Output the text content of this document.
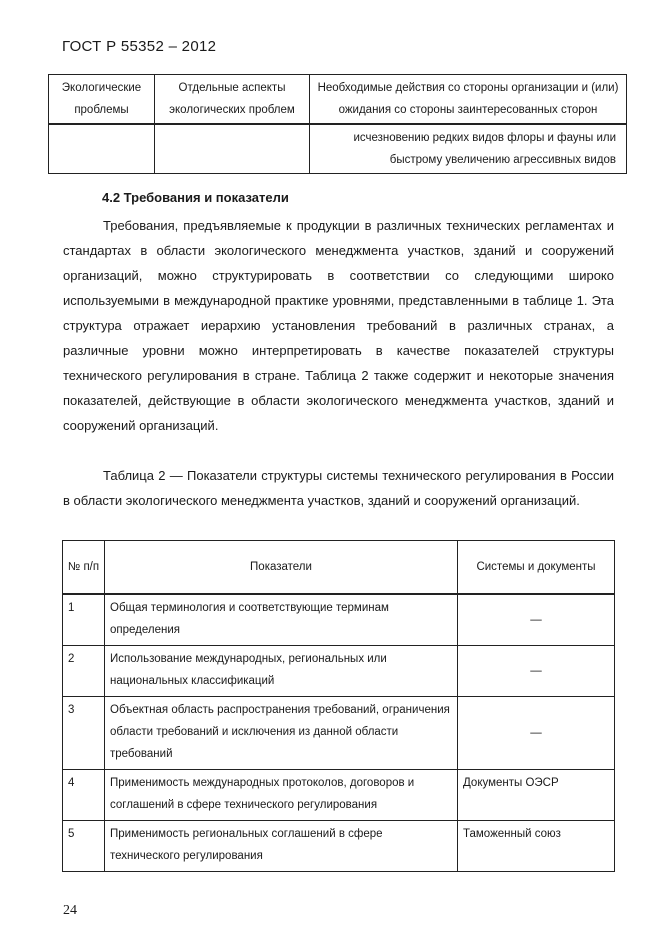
ГОСТ Р 55352 – 2012
Экологические проблемы	Отдельные аспекты экологических проблем	Необходимые действия со стороны организации и (или) ожидания со стороны заинтересованных сторон
		исчезновению редких видов флоры и фауны или быстрому увеличению агрессивных видов
4.2 Требования и показатели

Требования, предъявляемые к продукции в различных технических регламентах и стандартах в области экологического менеджмента участков, зданий и сооружений организаций, можно структурировать в соответствии со следующими широко используемыми в международной практике уровнями, представленными в таблице 1. Эта структура отражает иерархию установления требований в различных странах, а различные уровни можно интерпретировать в качестве показателей структуры технического регулирования в стране. Таблица 2 также содержит и некоторые значения показателей, действующие в области экологического менеджмента участков, зданий и сооружений организаций.

Таблица 2 — Показатели структуры системы технического регулирования в России в области экологического менеджмента участков, зданий и сооружений организаций.

№ п/п	Показатели	Системы и документы
1	Общая терминология и соответствующие терминам определения	—
2	Использование международных, региональных или национальных классификаций	—
3	Объектная область распространения требований, ограничения области требований и исключения из данной области требований	—
4	Применимость международных протоколов, договоров и соглашений в сфере технического регулирования	Документы ОЭСР
5	Применимость региональных соглашений в сфере технического регулирования	Таможенный союз
24
